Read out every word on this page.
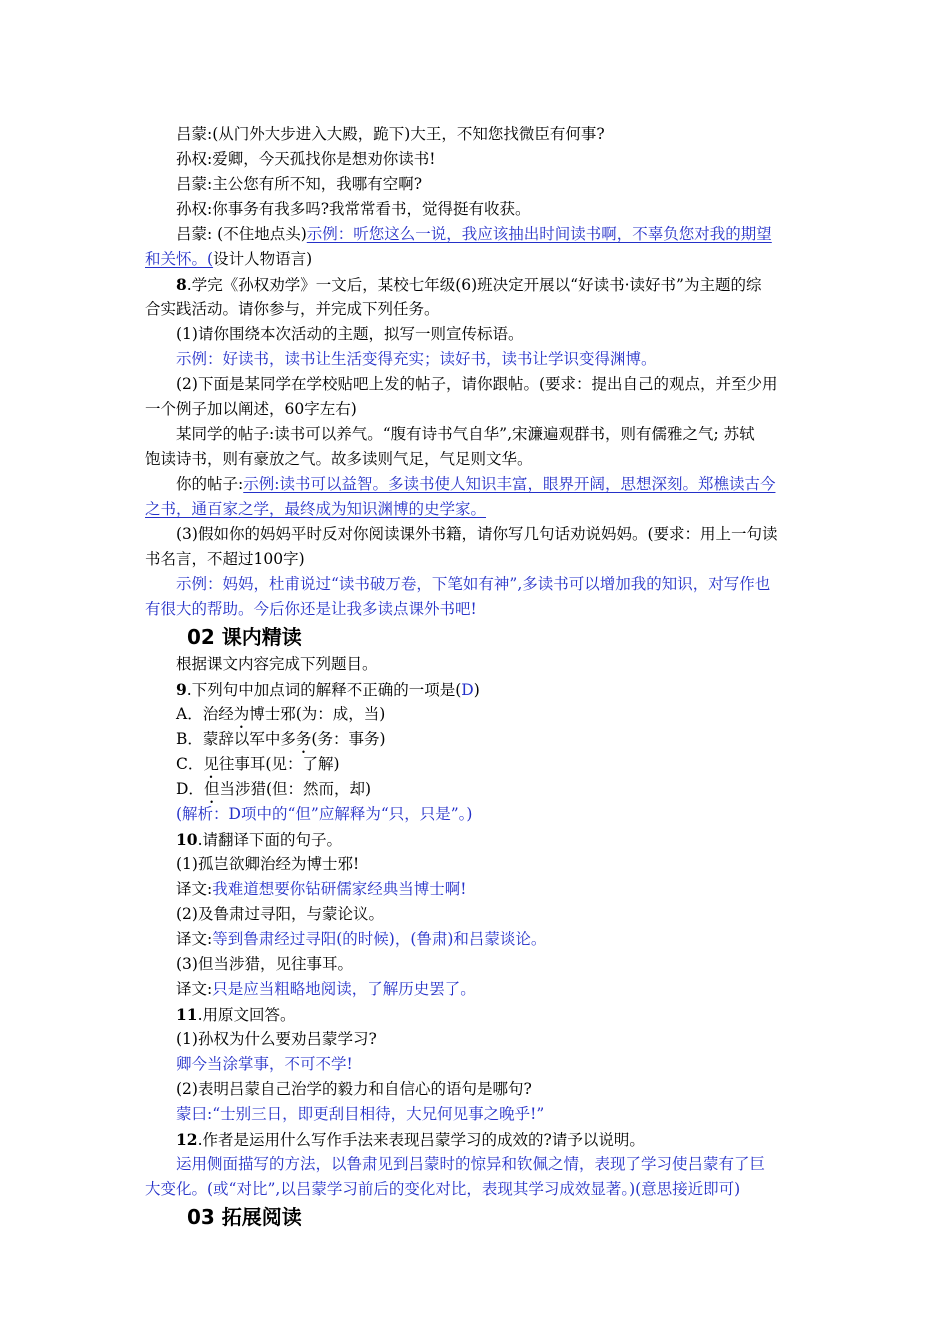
吕蒙:(从门外大步进入大殿，跪下)大王，不知您找微臣有何事?
孙权:爱卿，今天孤找你是想劝你读书!
吕蒙:主公您有所不知，我哪有空啊?
孙权:你事务有我多吗?我常常看书，觉得挺有收获。
吕蒙: (不住地点头)示例：听您这么一说，我应该抽出时间读书啊，不辜负您对我的期望
和关怀。(设计人物语言)
8.学完《孙权劝学》一文后，某校七年级(6)班决定开展以“好读书·读好书”为主题的综
合实践活动。请你参与，并完成下列任务。
(1)请你围绕本次活动的主题，拟写一则宣传标语。
示例：好读书，读书让生活变得充实；读好书，读书让学识变得渊博。
(2)下面是某同学在学校贴吧上发的帖子，请你跟帖。(要求：提出自己的观点，并至少用
一个例子加以阐述，60字左右)
某同学的帖子:读书可以养气。“腹有诗书气自华”,宋濂遍观群书，则有儒雅之气; 苏轼
饱读诗书，则有豪放之气。故多读则气足，气足则文华。
你的帖子:示例:读书可以益智。多读书使人知识丰富，眼界开阔，思想深刻。郑樵读古今
之书，通百家之学，最终成为知识渊博的史学家。
(3)假如你的妈妈平时反对你阅读课外书籍，请你写几句话劝说妈妈。(要求：用上一句读
书名言，不超过100字)
示例：妈妈，杜甫说过“读书破万卷，下笔如有神”,多读书可以增加我的知识，对写作也
有很大的帮助。今后你还是让我多读点课外书吧!
02 课内精读
根据课文内容完成下列题目。
9.下列句中加点词的解释不正确的一项是(D)
A．治经为博士邪(为：成，当)
B．蒙辞以军中多务(务：事务)
C．见往事耳(见：了解)
D．但当涉猎(但：然而，却)
(解析：D项中的“但”应解释为“只，只是”。)
10.请翻译下面的句子。
(1)孤岂欲卿治经为博士邪!
译文:我难道想要你钻研儒家经典当博士啊!
(2)及鲁肃过寻阳，与蒙论议。
译文:等到鲁肃经过寻阳(的时候)，(鲁肃)和吕蒙谈论。
(3)但当涉猎，见往事耳。
译文:只是应当粗略地阅读，了解历史罢了。
11.用原文回答。
(1)孙权为什么要劝吕蒙学习?
卿今当涂掌事，不可不学!
(2)表明吕蒙自己治学的毅力和自信心的语句是哪句?
蒙曰:“士别三日，即更刮目相待，大兄何见事之晚乎!”
12.作者是运用什么写作手法来表现吕蒙学习的成效的?请予以说明。
运用侧面描写的方法，以鲁肃见到吕蒙时的惊异和钦佩之情，表现了学习使吕蒙有了巨
大变化。(或“对比”,以吕蒙学习前后的变化对比，表现其学习成效显著。)(意思接近即可)
03 拓展阅读
